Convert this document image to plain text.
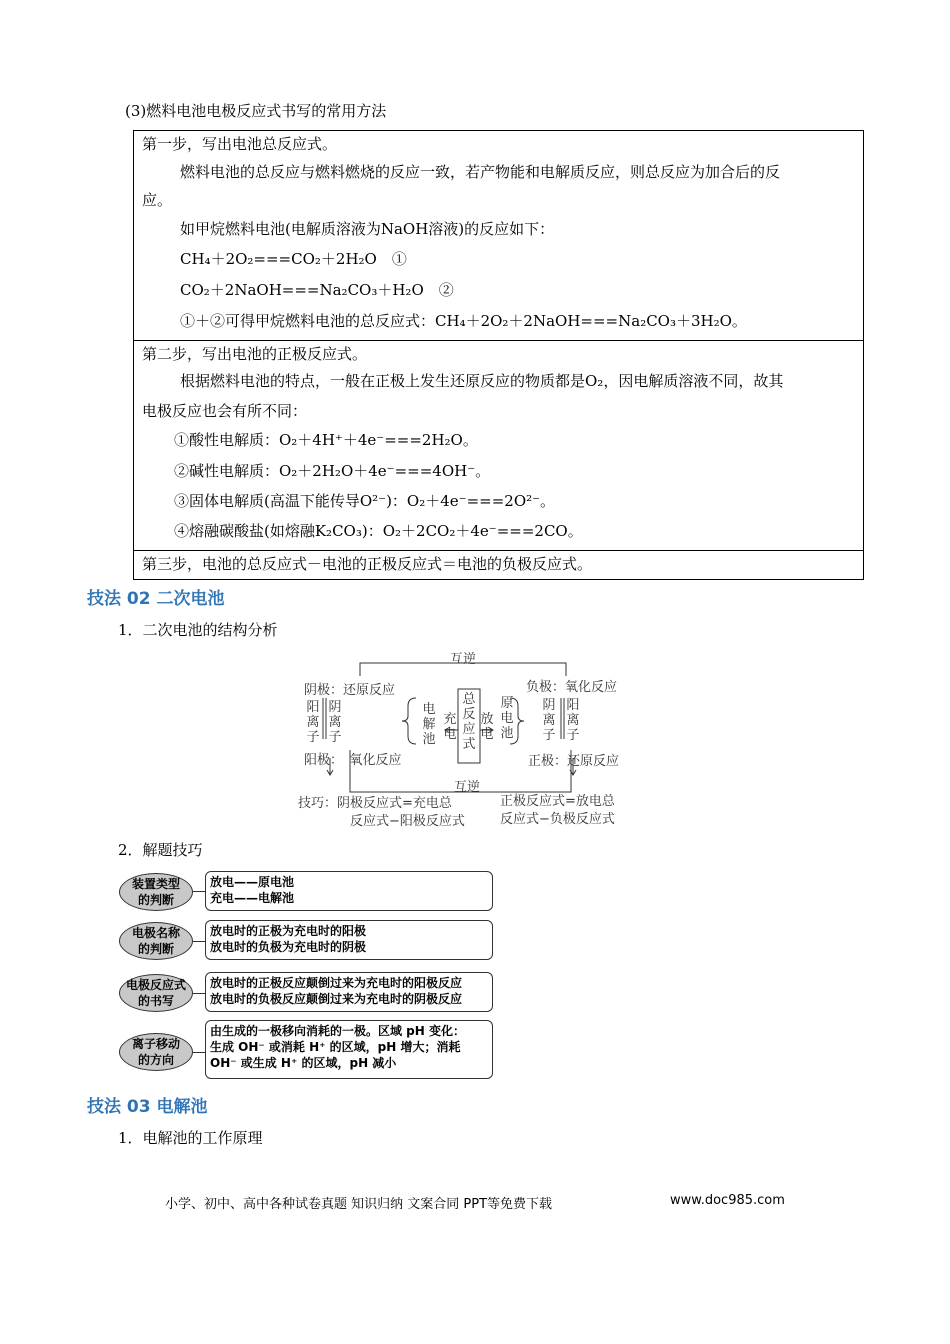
(3)燃料电池电极反应式书写的常用方法
第一步，写出电池总反应式。
燃料电池的总反应与燃料燃烧的反应一致，若产物能和电解质反应，则总反应为加合后的反
应。
如甲烷燃料电池(电解质溶液为NaOH溶液)的反应如下：
CH₄＋2O₂===CO₂＋2H₂O　①
CO₂＋2NaOH===Na₂CO₃＋H₂O　②
①＋②可得甲烷燃料电池的总反应式：CH₄＋2O₂＋2NaOH===Na₂CO₃＋3H₂O。
第二步，写出电池的正极反应式。
根据燃料电池的特点，一般在正极上发生还原反应的物质都是O₂，因电解质溶液不同，故其
电极反应也会有所不同：
①酸性电解质：O₂＋4H⁺＋4e⁻===2H₂O。
②碱性电解质：O₂＋2H₂O＋4e⁻===4OH⁻。
③固体电解质(高温下能传导O²⁻)：O₂＋4e⁻===2O²⁻。
④熔融碳酸盐(如熔融K₂CO₃)：O₂＋2CO₂＋4e⁻===2CO。
第三步，电池的总反应式－电池的正极反应式＝电池的负极反应式。
技法 02 二次电池
1．二次电池的结构分析
互逆
阴极：还原反应	负极：氧化反应
阳离子
阴离子
电解池
充电
总反应式
放电
原电池
阴离子
阳离子
阳极：　氧化反应	正极：还原反应
互逆
技巧：阴极反应式=充电总
反应式−阳极反应式
正极反应式=放电总
反应式−负极反应式
2．解题技巧
装置类型
的判断
放电——原电池
充电——电解池
电极名称
的判断
放电时的正极为充电时的阳极
放电时的负极为充电时的阴极
电极反应式
的书写
放电时的正极反应颠倒过来为充电时的阳极反应
放电时的负极反应颠倒过来为充电时的阴极反应
离子移动
的方向
由生成的一极移向消耗的一极。区域 pH 变化：
生成 OH⁻ 或消耗 H⁺ 的区域，pH 增大；消耗
OH⁻ 或生成 H⁺ 的区域，pH 减小
技法 03 电解池
1．电解池的工作原理
小学、初中、高中各种试卷真题 知识归纳 文案合同 PPT等免费下载	www.doc985.com
